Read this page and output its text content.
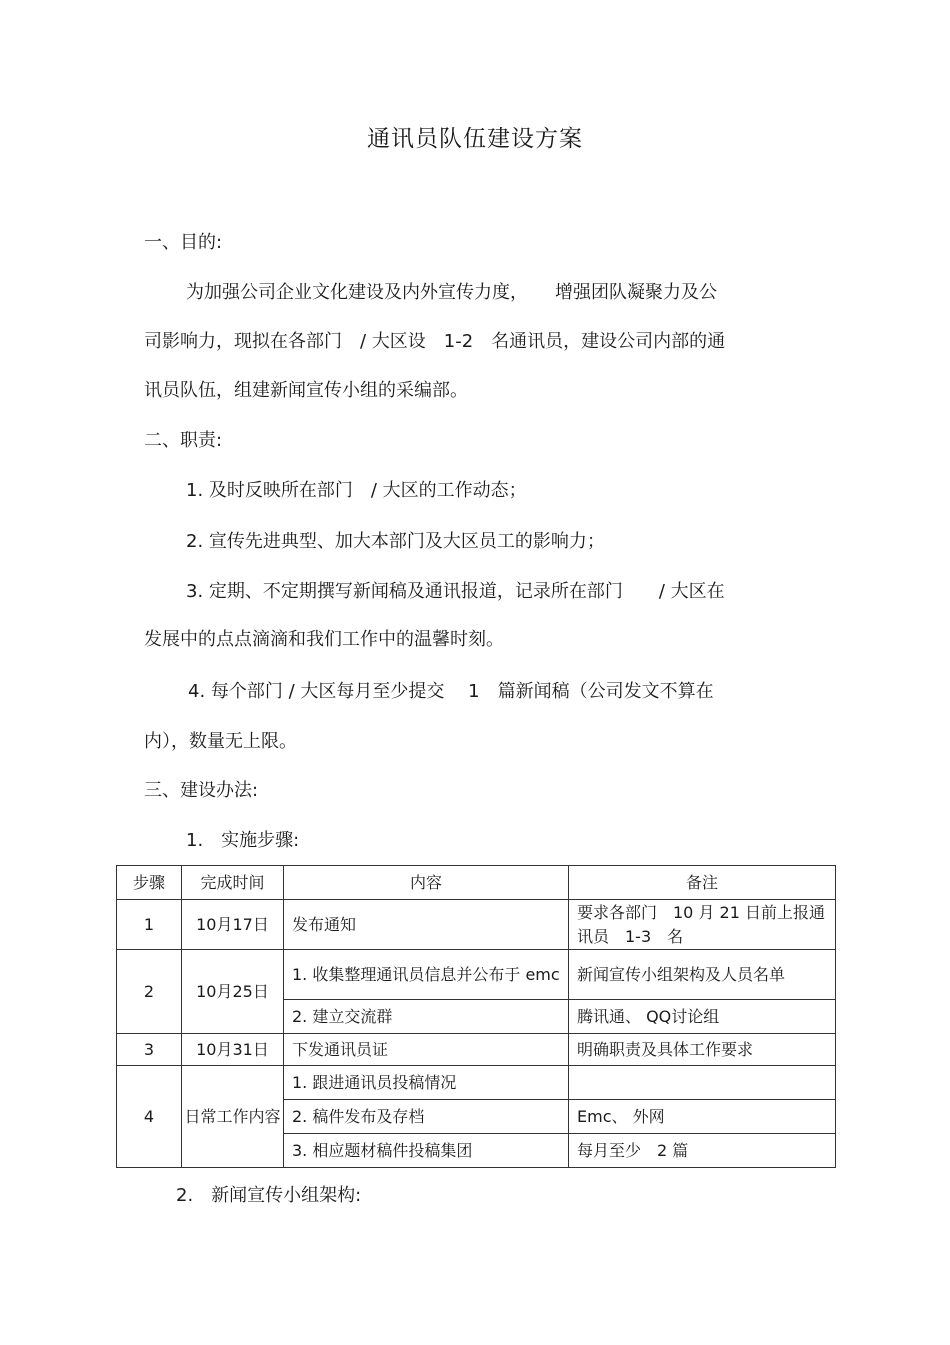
通讯员队伍建设方案
一、目的:
为加强公司企业文化建设及内外宣传力度，　　增强团队凝聚力及公
司影响力，现拟在各部门　/ 大区设　1-2　名通讯员，建设公司内部的通
讯员队伍，组建新闻宣传小组的采编部。
二、职责:
1. 及时反映所在部门　/ 大区的工作动态；
2. 宣传先进典型、加大本部门及大区员工的影响力；
3. 定期、不定期撰写新闻稿及通讯报道，记录所在部门　　/ 大区在
发展中的点点滴滴和我们工作中的温馨时刻。
4. 每个部门 / 大区每月至少提交　 1　篇新闻稿（公司发文不算在
内），数量无上限。
三、建设办法:
1.　实施步骤:
步骤	完成时间	内容	备注
1	10月17日	发布通知	要求各部门　10 月 21 日前上报通讯员　1-3　名
2	10月25日	1. 收集整理通讯员信息并公布于 emc	新闻宣传小组架构及人员名单
		2. 建立交流群	腾讯通、 QQ讨论组
3	10月31日	下发通讯员证	明确职责及具体工作要求
4	日常工作内容	1. 跟进通讯员投稿情况	
		2. 稿件发布及存档	Emc、 外网
		3. 相应题材稿件投稿集团	每月至少　2 篇
2.　新闻宣传小组架构:
